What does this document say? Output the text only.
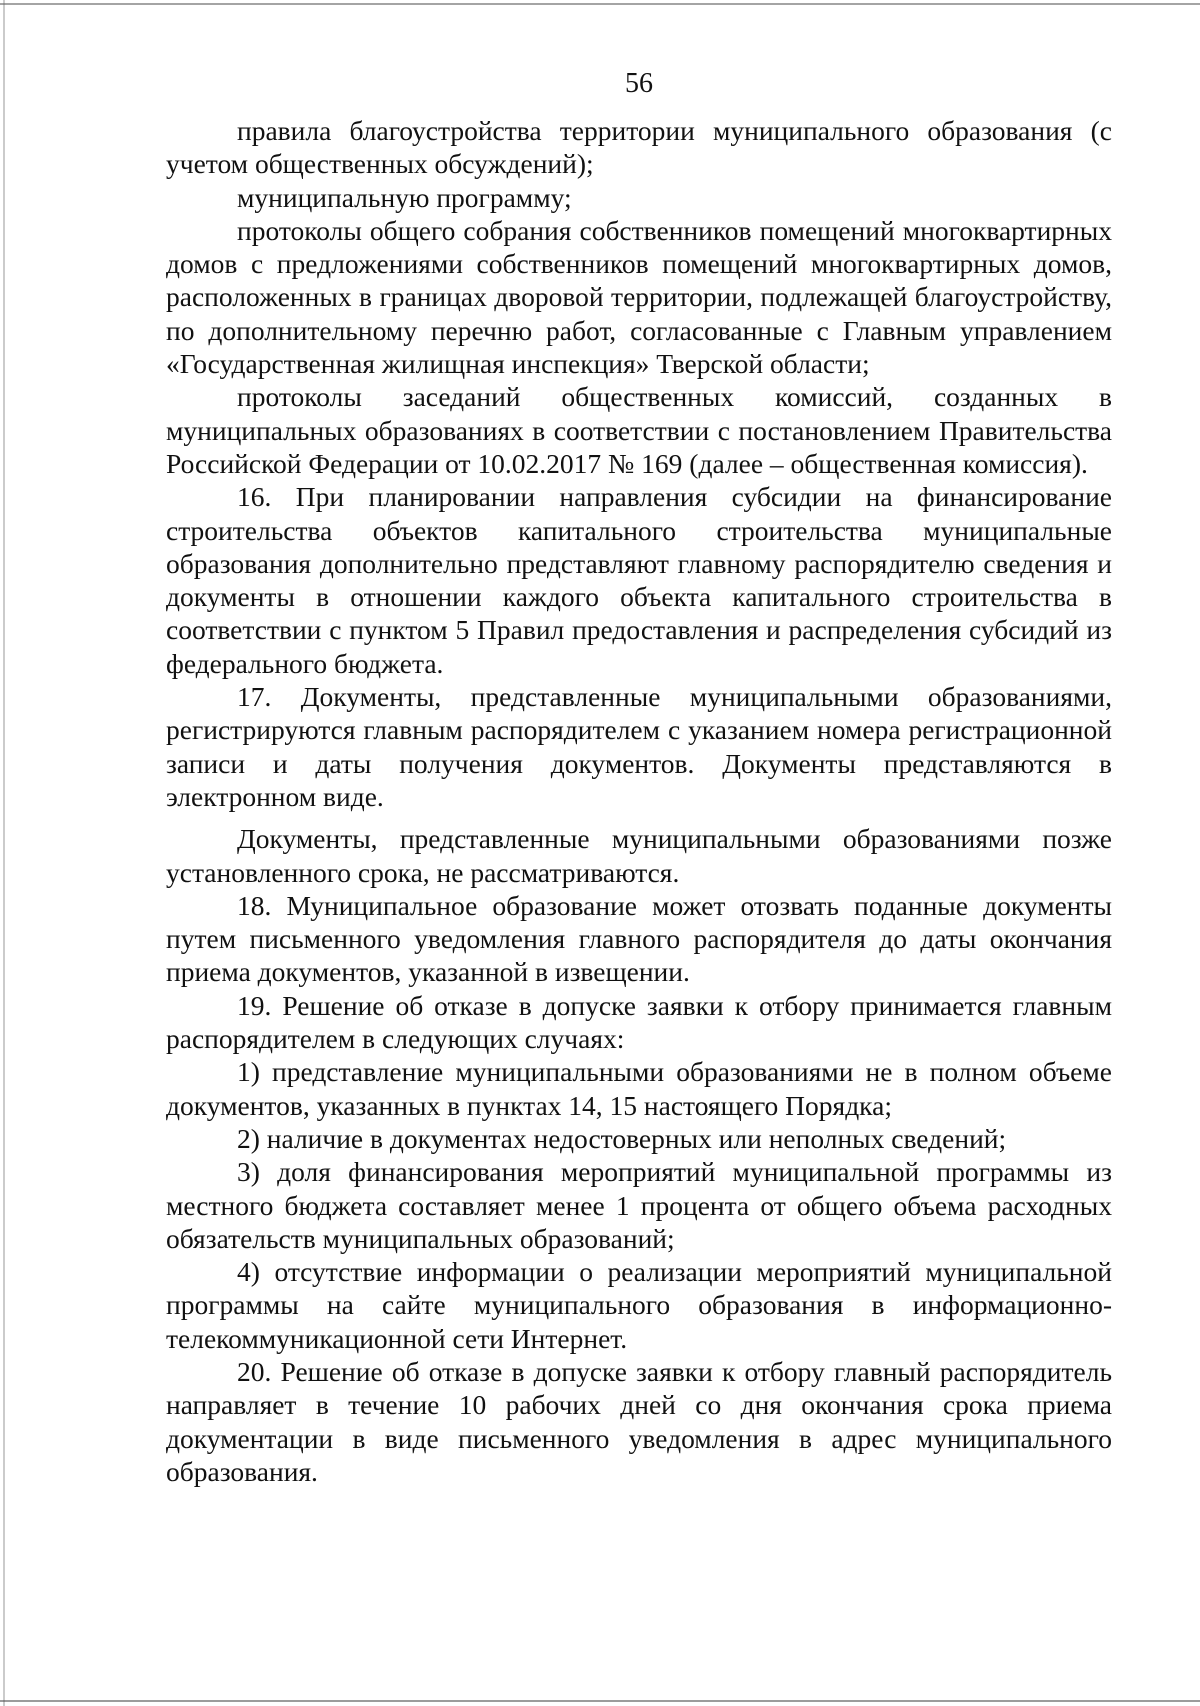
56

правила благоустройства территории муниципального образования (с учетом общественных обсуждений);

муниципальную программу;

протоколы общего собрания собственников помещений многоквартирных домов с предложениями собственников помещений многоквартирных домов, расположенных в границах дворовой территории, подлежащей благоустройству, по дополнительному перечню работ, согласованные с Главным управлением «Государственная жилищная инспекция» Тверской области;

протоколы заседаний общественных комиссий, созданных в муниципальных образованиях в соответствии с постановлением Правительства Российской Федерации от 10.02.2017 № 169 (далее – общественная комиссия).

16. При планировании направления субсидии на финансирование строительства объектов капитального строительства муниципальные образования дополнительно представляют главному распорядителю сведения и документы в отношении каждого объекта капитального строительства в соответствии с пунктом 5 Правил предоставления и распределения субсидий из федерального бюджета.

17. Документы, представленные муниципальными образованиями, регистрируются главным распорядителем с указанием номера регистрационной записи и даты получения документов. Документы представляются в электронном виде.

Документы, представленные муниципальными образованиями позже установленного срока, не рассматриваются.

18. Муниципальное образование может отозвать поданные документы путем письменного уведомления главного распорядителя до даты окончания приема документов, указанной в извещении.

19. Решение об отказе в допуске заявки к отбору принимается главным распорядителем в следующих случаях:

1) представление муниципальными образованиями не в полном объеме документов, указанных в пунктах 14, 15 настоящего Порядка;

2) наличие в документах недостоверных или неполных сведений;

3) доля финансирования мероприятий муниципальной программы из местного бюджета составляет менее 1 процента от общего объема расходных обязательств муниципальных образований;

4) отсутствие информации о реализации мероприятий муниципальной программы на сайте муниципального образования в информационно-телекоммуникационной сети Интернет.

20. Решение об отказе в допуске заявки к отбору главный распорядитель направляет в течение 10 рабочих дней со дня окончания срока приема документации в виде письменного уведомления в адрес муниципального образования.
